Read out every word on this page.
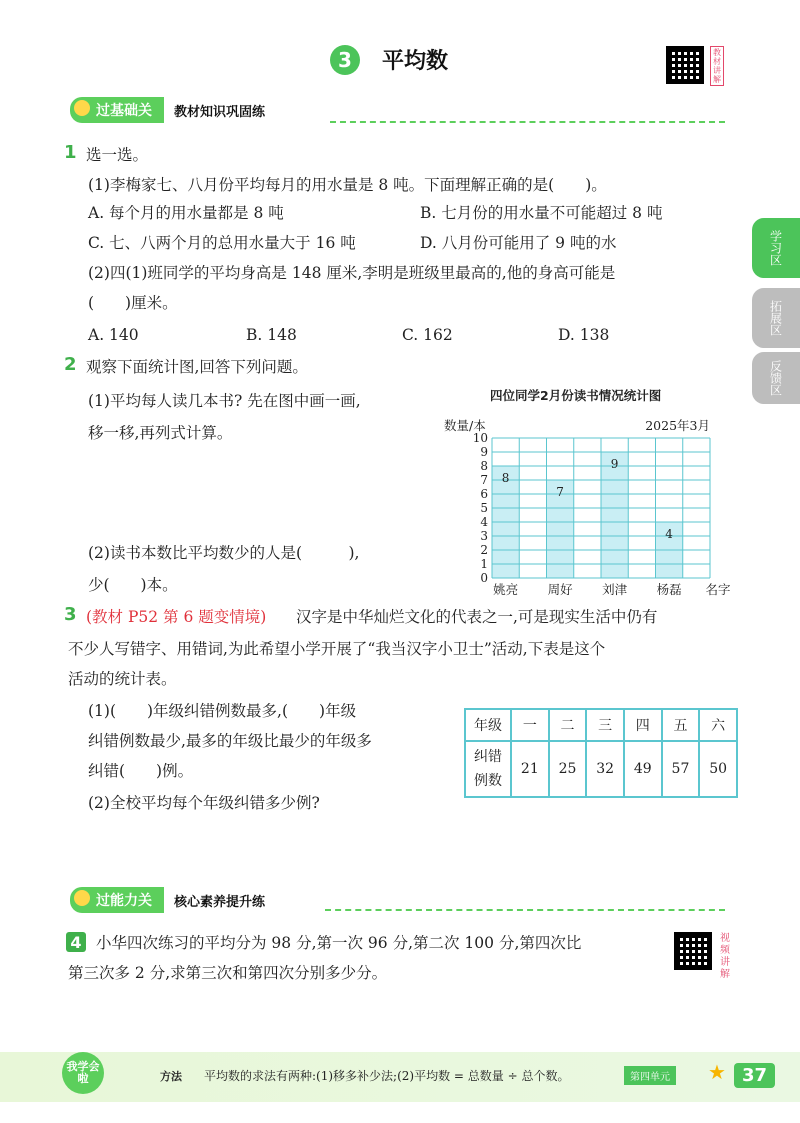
3	平均数	教材讲解
过基础关	教材知识巩固练
学习区
拓展区
反馈区
1 选一选。
(1)李梅家七、八月份平均每月的用水量是 8 吨。下面理解正确的是(　　)。
A. 每个月的用水量都是 8 吨	B. 七月份的用水量不可能超过 8 吨
C. 七、八两个月的总用水量大于 16 吨	D. 八月份可能用了 9 吨的水
(2)四(1)班同学的平均身高是 148 厘米,李明是班级里最高的,他的身高可能是
(　　)厘米。
A. 140	B. 148	C. 162	D. 138
2 观察下面统计图,回答下列问题。
(1)平均每人读几本书? 先在图中画一画,
移一移,再列式计算。
(2)读书本数比平均数少的人是(　　　),
少(　　)本。
四位同学2月份读书情况统计图
0
1
2
3
4
5
6
7
8
9
10
8
7
9
4
姚亮 周好 刘津 杨磊 名字
数量/本	2025年3月
3 (教材 P52 第 6 题变情境) 汉字是中华灿烂文化的代表之一,可是现实生活中仍有
不少人写错字、用错词,为此希望小学开展了“我当汉字小卫士”活动,下表是这个
活动的统计表。
(1)(　　)年级纠错例数最多,(　　)年级
纠错例数最少,最多的年级比最少的年级多
纠错(　　)例。
(2)全校平均每个年级纠错多少例?
年级	一	二	三	四	五	六

纠错
例数	21	25	32	49	57	50
过能力关	核心素养提升练
4 小华四次练习的平均分为 98 分,第一次 96 分,第二次 100 分,第四次比
第三次多 2 分,求第三次和第四次分别多少分。
视频讲解
我学会啦	方法 平均数的求法有两种:(1)移多补少法;(2)平均数 = 总数量 ÷ 总个数。	第四单元	★ 37
